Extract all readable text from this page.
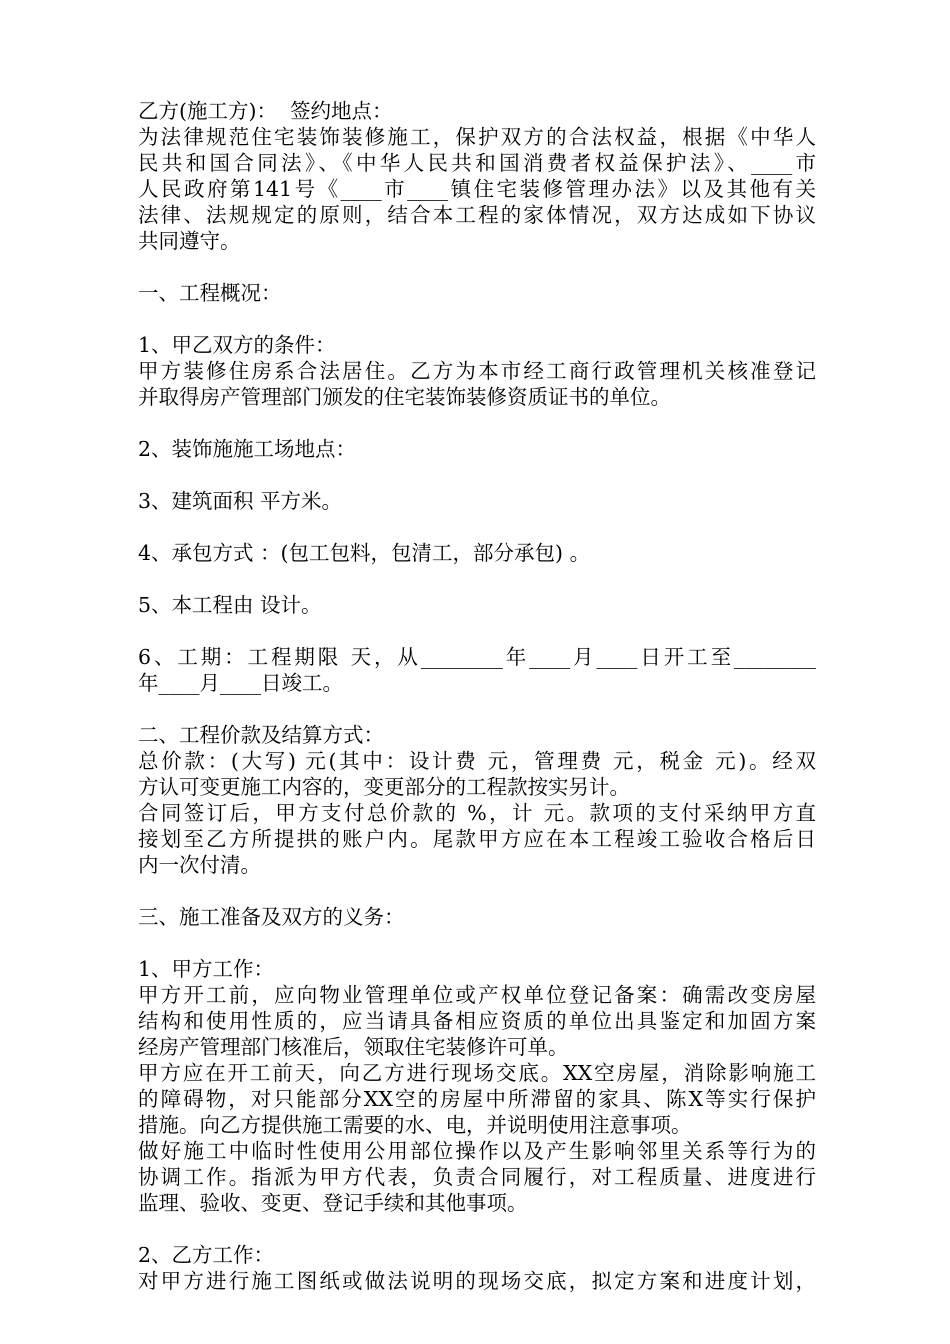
乙方(施工方)：  签约地点：
为法律规范住宅装饰装修施工，保护双方的合法权益，根据《中华人
民共和国合同法》、《中华人民共和国消费者权益保护法》、____市
人民政府第141号《____市____镇住宅装修管理办法》以及其他有关
法律、法规规定的原则，结合本工程的家体情况，双方达成如下协议
共同遵守。
一、工程概况：
1、甲乙双方的条件：
甲方装修住房系合法居住。乙方为本市经工商行政管理机关核准登记
并取得房产管理部门颁发的住宅装饰装修资质证书的单位。
2、装饰施施工场地点：
3、建筑面积 平方米。
4、承包方式 ：(包工包料，包清工，部分承包) 。
5、本工程由 设计。
6、工期：工程期限 天，从________年____月____日开工至________
年____月____日竣工。
二、工程价款及结算方式：
总价款：(大写) 元(其中：设计费 元，管理费 元，税金 元)。经双
方认可变更施工内容的，变更部分的工程款按实另计。
合同签订后，甲方支付总价款的 %，计 元。款项的支付采纳甲方直
接划至乙方所提拱的账户内。尾款甲方应在本工程竣工验收合格后日
内一次付清。
三、施工准备及双方的义务：
1、甲方工作：
甲方开工前，应向物业管理单位或产权单位登记备案：确需改变房屋
结构和使用性质的，应当请具备相应资质的单位出具鉴定和加固方案
经房产管理部门核准后，领取住宅装修许可单。
甲方应在开工前天，向乙方进行现场交底。XX空房屋，消除影响施工
的障碍物，对只能部分XX空的房屋中所滞留的家具、陈X等实行保护
措施。向乙方提供施工需要的水、电，并说明使用注意事项。
做好施工中临时性使用公用部位操作以及产生影响邻里关系等行为的
协调工作。指派为甲方代表，负责合同履行，对工程质量、进度进行
监理、验收、变更、登记手续和其他事项。
2、乙方工作：
对甲方进行施工图纸或做法说明的现场交底，拟定方案和进度计划，
